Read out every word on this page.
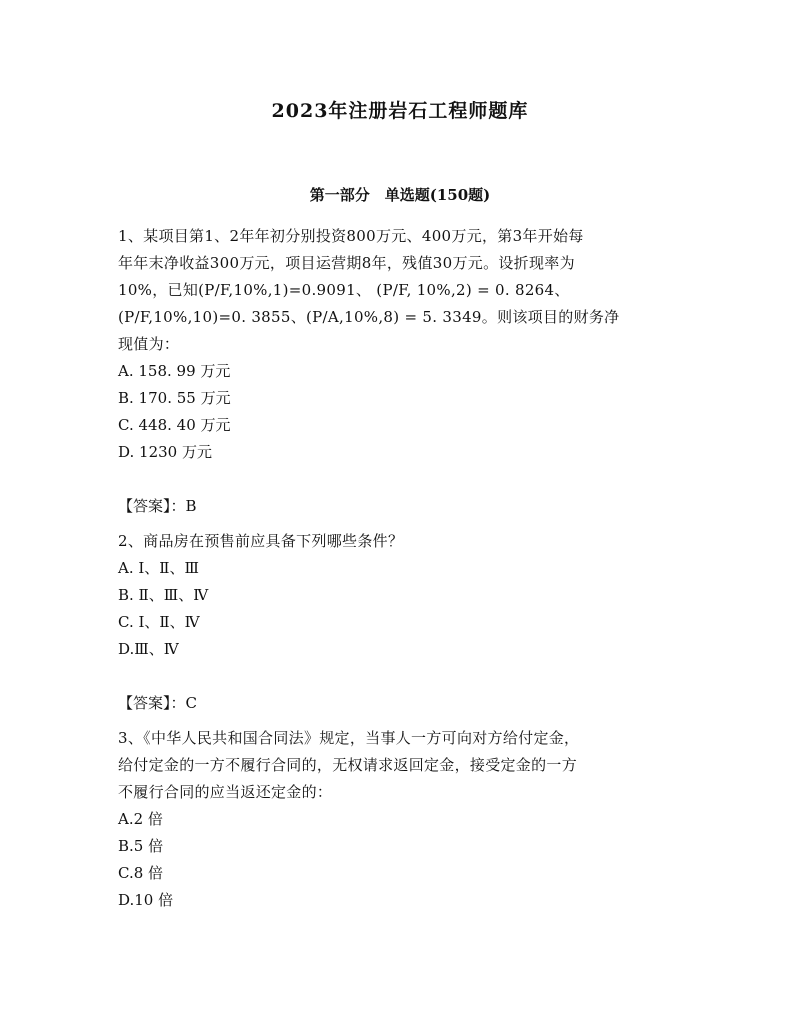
2023年注册岩石工程师题库
第一部分　单选题(150题)
1、某项目第1、2年年初分别投资800万元、400万元，第3年开始每
年年末净收益300万元，项目运营期8年，残值30万元。设折现率为
10%，已知(P/F,10%,1)=0.9091、 (P/F, 10%,2) = 0. 8264、
(P/F,10%,10)=0. 3855、(P/A,10%,8) = 5. 3349。则该项目的财务净
现值为：
A. 158. 99 万元
B. 170. 55 万元
C. 448. 40 万元
D. 1230 万元
【答案】：B
2、商品房在预售前应具备下列哪些条件？
A. Ⅰ、Ⅱ、Ⅲ
B. Ⅱ、Ⅲ、Ⅳ
C. Ⅰ、Ⅱ、Ⅳ
D.Ⅲ、Ⅳ
【答案】：C
3、《中华人民共和国合同法》规定，当事人一方可向对方给付定金，
给付定金的一方不履行合同的，无权请求返回定金，接受定金的一方
不履行合同的应当返还定金的：
A.2 倍
B.5 倍
C.8 倍
D.10 倍
